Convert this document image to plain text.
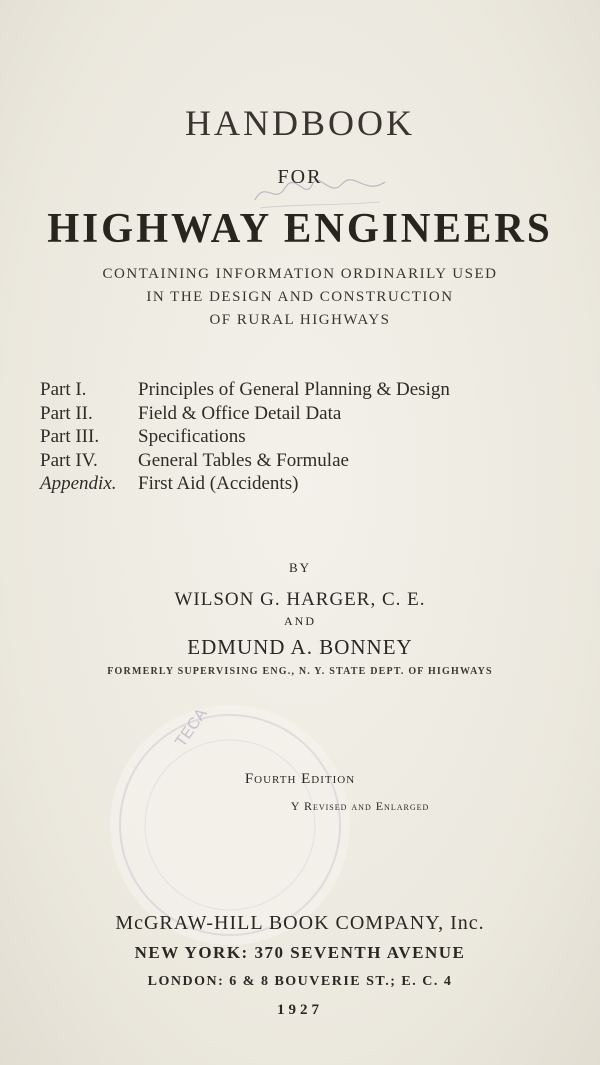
TECA
HANDBOOK
FOR
HIGHWAY ENGINEERS
CONTAINING INFORMATION ORDINARILY USED
IN THE DESIGN AND CONSTRUCTION
OF RURAL HIGHWAYS
Part I.	Principles of General Planning & Design
Part II. Field & Office Detail Data
Part III. Specifications
Part IV. General Tables & Formulae
Appendix. First Aid (Accidents)
BY
WILSON G. HARGER, C. E.
AND
EDMUND A. BONNEY
FORMERLY SUPERVISING ENG., N. Y. STATE DEPT. OF HIGHWAYS
Fourth Edition
Y Revised and Enlarged
McGRAW-HILL BOOK COMPANY, Inc.
NEW YORK: 370 SEVENTH AVENUE
LONDON: 6 & 8 BOUVERIE ST.; E. C. 4
1927
